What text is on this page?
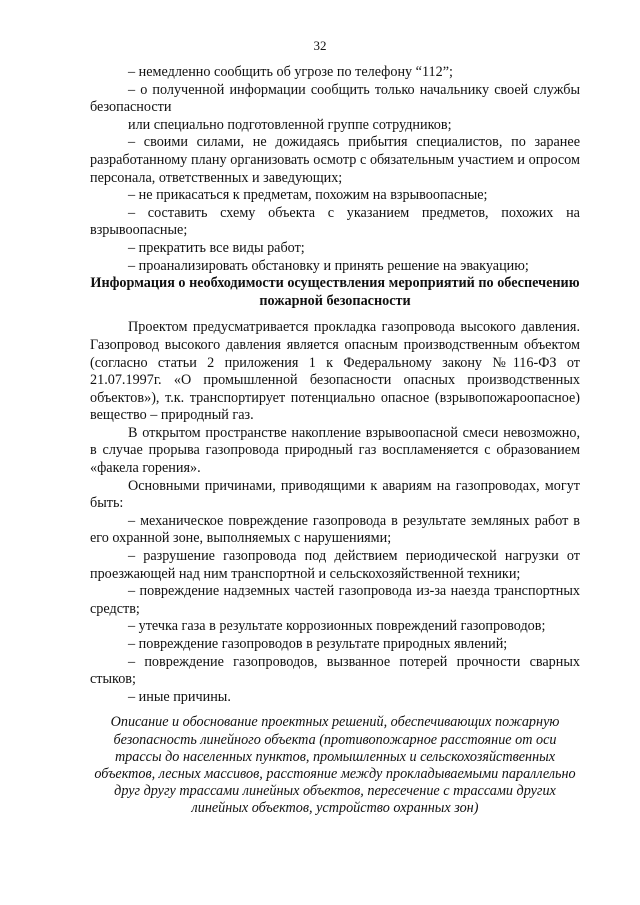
32

– немедленно сообщить об угрозе по телефону “112”;

– о полученной информации сообщить только начальнику своей службы безопасности

или специально подготовленной группе сотрудников;

– своими силами, не дожидаясь прибытия специалистов, по заранее разработанному плану организовать осмотр с обязательным участием и опросом персонала, ответственных и заведующих;

– не прикасаться к предметам, похожим на взрывоопасные;

– составить схему объекта с указанием предметов, похожих на взрывоопасные;

– прекратить все виды работ;

– проанализировать обстановку и принять решение на эвакуацию;

Информация о необходимости осуществления мероприятий по обеспечению пожарной безопасности

Проектом предусматривается прокладка газопровода высокого давления. Газопровод высокого давления является опасным производственным объектом (согласно статьи 2 приложения 1 к Федеральному закону №116-ФЗ от 21.07.1997г. «О промышленной безопасности опасных производственных объектов»), т.к. транспортирует потенциально опасное (взрывопожароопасное) вещество – природный газ.

В открытом пространстве накопление взрывоопасной смеси невозможно, в случае прорыва газопровода природный газ воспламеняется с образованием «факела горения».

Основными причинами, приводящими к авариям на газопроводах, могут быть:

– механическое повреждение газопровода в результате земляных работ в его охранной зоне, выполняемых с нарушениями;

– разрушение газопровода под действием периодической нагрузки от проезжающей над ним транспортной и сельскохозяйственной техники;

– повреждение надземных частей газопровода из-за наезда транспортных средств;

– утечка газа в результате коррозионных повреждений газопроводов;

– повреждение газопроводов в результате природных явлений;

– повреждение газопроводов, вызванное потерей прочности сварных стыков;

– иные причины.

Описание и обоснование проектных решений, обеспечивающих пожарную безопасность линейного объекта (противопожарное расстояние от оси трассы до населенных пунктов, промышленных и сельскохозяйственных объектов, лесных массивов, расстояние между прокладываемыми параллельно друг другу трассами линейных объектов, пересечение с трассами других линейных объектов, устройство охранных зон)
